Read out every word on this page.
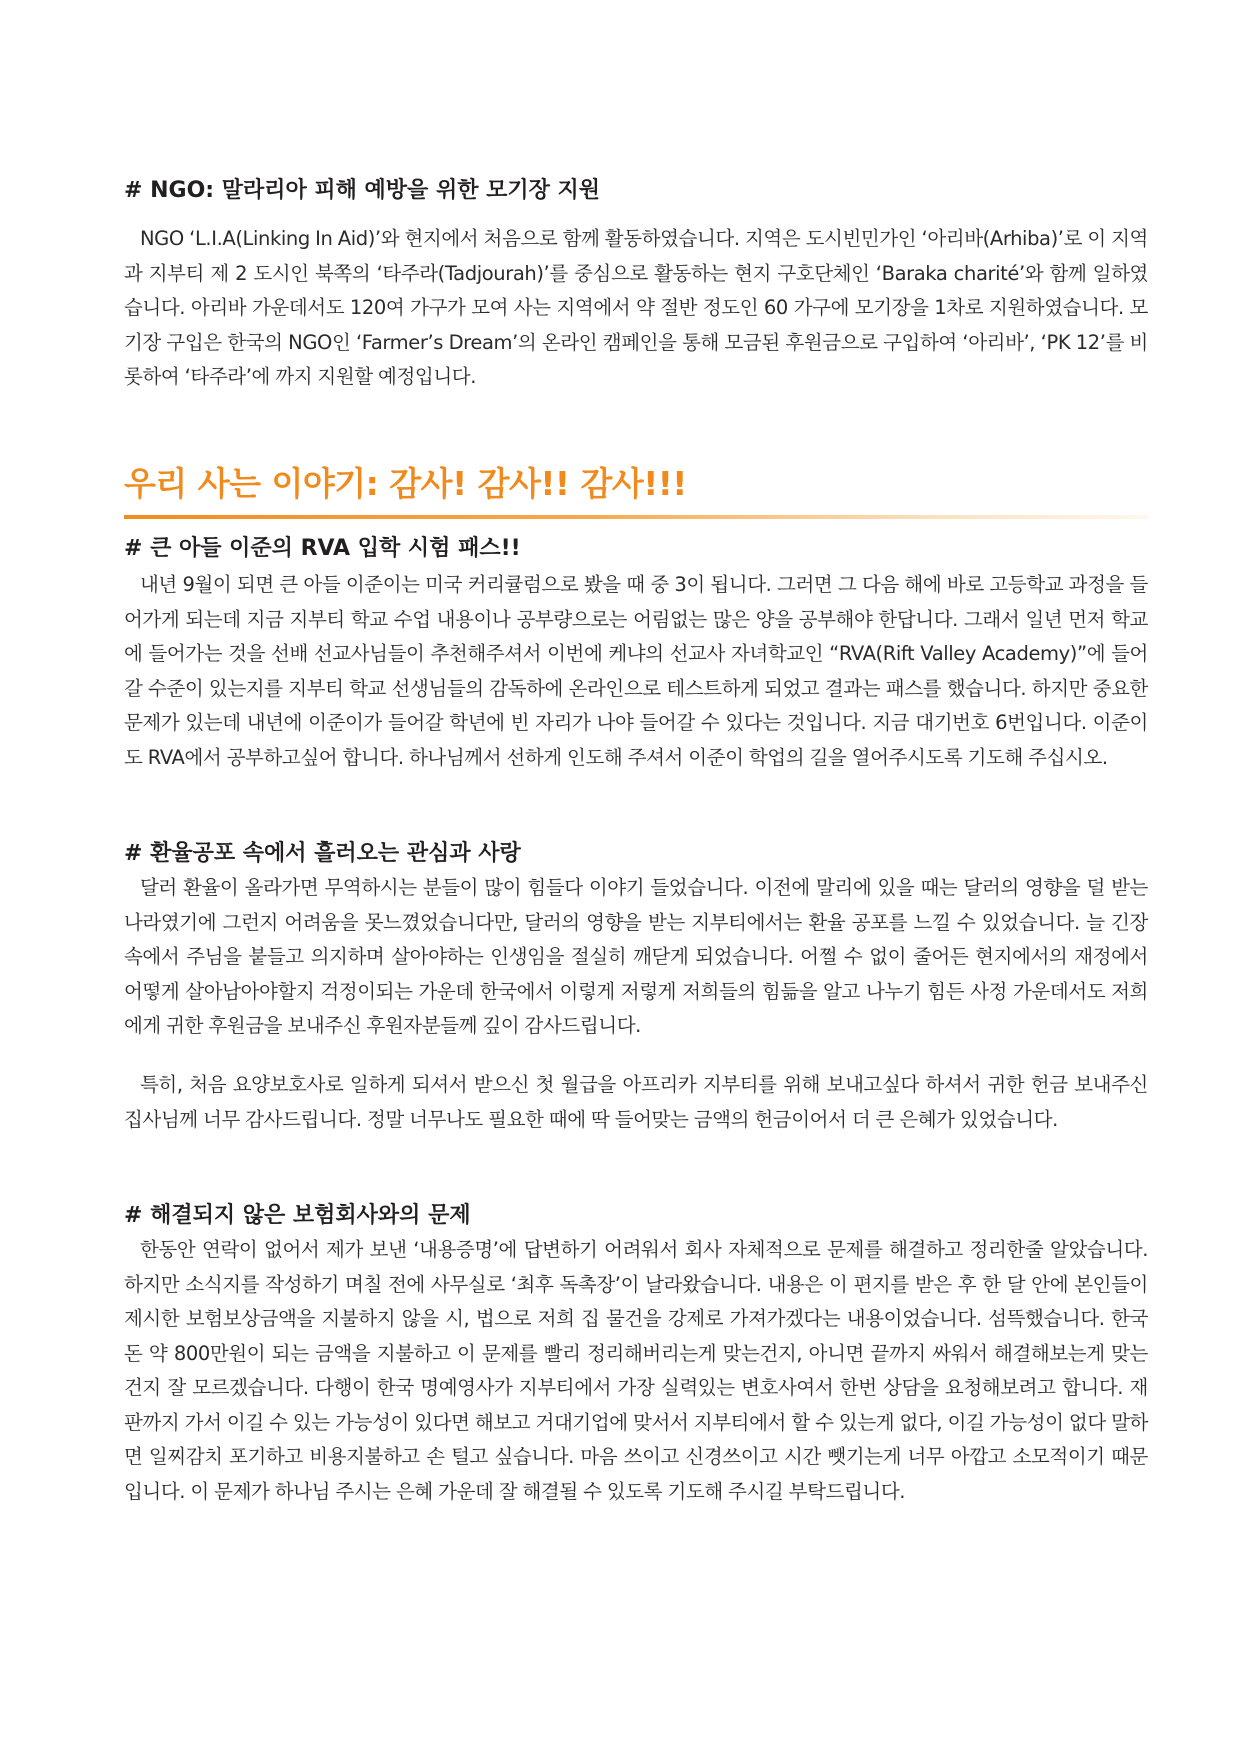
# NGO: 말라리아 피해 예방을 위한 모기장 지원

NGO ‘L.I.A(Linking In Aid)’와 현지에서 처음으로 함께 활동하였습니다. 지역은 도시빈민가인 ‘아리바(Arhiba)’로 이 지역과 지부티 제 2 도시인 북쪽의 ‘타주라(Tadjourah)’를 중심으로 활동하는 현지 구호단체인 ‘Baraka charité’와 함께 일하였습니다. 아리바 가운데서도 120여 가구가 모여 사는 지역에서 약 절반 정도인 60 가구에 모기장을 1차로 지원하였습니다. 모기장 구입은 한국의 NGO인 ‘Farmer’s Dream’의 온라인 캠페인을 통해 모금된 후원금으로 구입하여 ‘아리바’, ‘PK 12’를 비롯하여 ‘타주라’에 까지 지원할 예정입니다.

우리 사는 이야기: 감사! 감사!! 감사!!!
# 큰 아들 이준의 RVA 입학 시험 패스!!

내년 9월이 되면 큰 아들 이준이는 미국 커리큘럼으로 봤을 때 중 3이 됩니다. 그러면 그 다음 해에 바로 고등학교 과정을 들어가게 되는데 지금 지부티 학교 수업 내용이나 공부량으로는 어림없는 많은 양을 공부해야 한답니다. 그래서 일년 먼저 학교에 들어가는 것을 선배 선교사님들이 추천해주셔서 이번에 케냐의 선교사 자녀학교인 “RVA(Rift Valley Academy)”에 들어갈 수준이 있는지를 지부티 학교 선생님들의 감독하에 온라인으로 테스트하게 되었고 결과는 패스를 했습니다. 하지만 중요한 문제가 있는데 내년에 이준이가 들어갈 학년에 빈 자리가 나야 들어갈 수 있다는 것입니다. 지금 대기번호 6번입니다. 이준이도 RVA에서 공부하고싶어 합니다. 하나님께서 선하게 인도해 주셔서 이준이 학업의 길을 열어주시도록 기도해 주십시오.

# 환율공포 속에서 흘러오는 관심과 사랑

달러 환율이 올라가면 무역하시는 분들이 많이 힘들다 이야기 들었습니다. 이전에 말리에 있을 때는 달러의 영향을 덜 받는 나라였기에 그런지 어려움을 못느꼈었습니다만, 달러의 영향을 받는 지부티에서는 환율 공포를 느낄 수 있었습니다. 늘 긴장속에서 주님을 붙들고 의지하며 살아야하는 인생임을 절실히 깨닫게 되었습니다. 어쩔 수 없이 줄어든 현지에서의 재정에서 어떻게 살아남아야할지 걱정이되는 가운데 한국에서 이렇게 저렇게 저희들의 힘듦을 알고 나누기 힘든 사정 가운데서도 저희에게 귀한 후원금을 보내주신 후원자분들께 깊이 감사드립니다.

특히, 처음 요양보호사로 일하게 되셔서 받으신 첫 월급을 아프리카 지부티를 위해 보내고싶다 하셔서 귀한 헌금 보내주신 집사님께 너무 감사드립니다. 정말 너무나도 필요한 때에 딱 들어맞는 금액의 헌금이어서 더 큰 은혜가 있었습니다.

# 해결되지 않은 보험회사와의 문제

한동안 연락이 없어서 제가 보낸 ‘내용증명’에 답변하기 어려워서 회사 자체적으로 문제를 해결하고 정리한줄 알았습니다. 하지만 소식지를 작성하기 며칠 전에 사무실로 ‘최후 독촉장’이 날라왔습니다. 내용은 이 편지를 받은 후 한 달 안에 본인들이 제시한 보험보상금액을 지불하지 않을 시, 법으로 저희 집 물건을 강제로 가져가겠다는 내용이었습니다. 섬뜩했습니다. 한국돈 약 800만원이 되는 금액을 지불하고 이 문제를 빨리 정리해버리는게 맞는건지, 아니면 끝까지 싸워서 해결해보는게 맞는건지 잘 모르겠습니다. 다행이 한국 명예영사가 지부티에서 가장 실력있는 변호사여서 한번 상담을 요청해보려고 합니다. 재판까지 가서 이길 수 있는 가능성이 있다면 해보고 거대기업에 맞서서 지부티에서 할 수 있는게 없다, 이길 가능성이 없다 말하면 일찌감치 포기하고 비용지불하고 손 털고 싶습니다. 마음 쓰이고 신경쓰이고 시간 뺏기는게 너무 아깝고 소모적이기 때문입니다. 이 문제가 하나님 주시는 은혜 가운데 잘 해결될 수 있도록 기도해 주시길 부탁드립니다.
